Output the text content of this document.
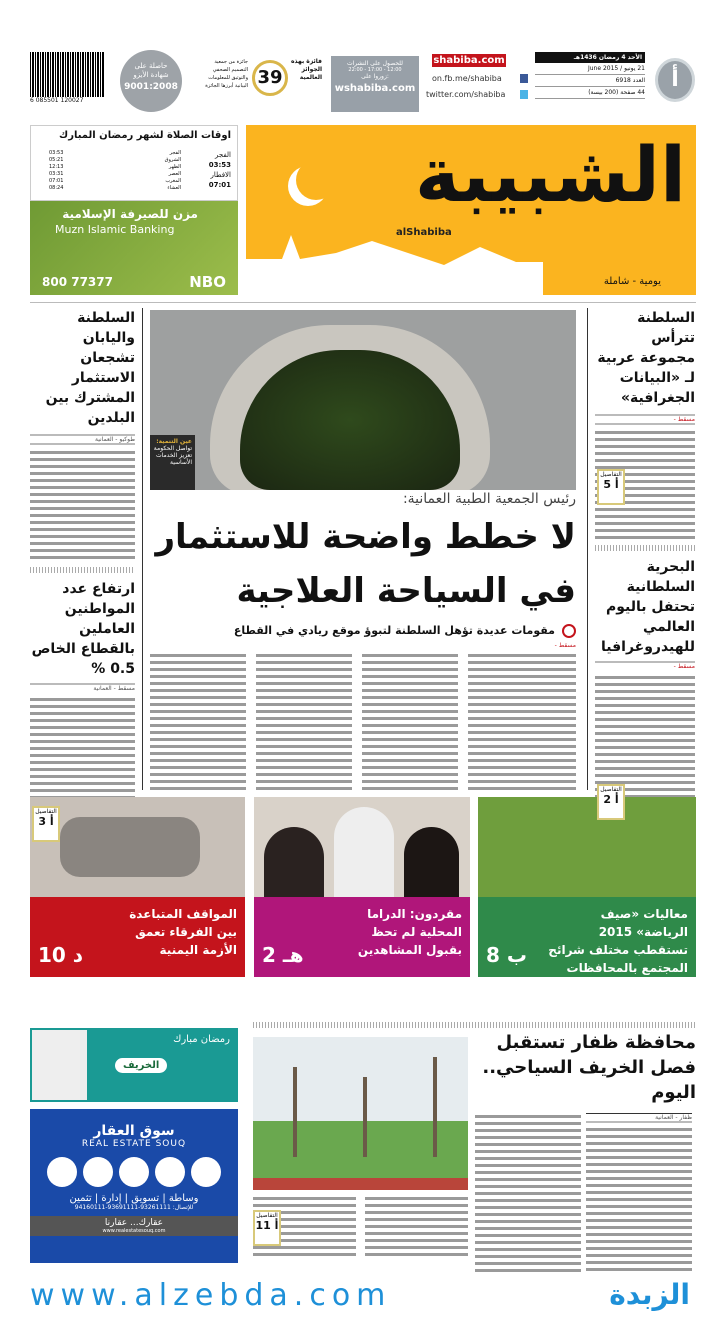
6 085501 120027
حاصلة على
شهادة الأيزو
9001:2008
جائزة من جمعية التصميم الصحفي والتوثيق للمعلومات البيانية أبرزها الجائزة 39
فائزة بهذه الجوائز العالمية
للحصول على النشرات
22:00 - 17:00 - 12:00
زوروا على:
wshabiba.com
shabiba.com
on.fb.me/shabiba
twitter.com/shabiba
الأحد 4 رمضان 1436هـ
21 يونيو / 2015 June
العدد 6918
44 صفحة (200 بيسة)
أ
اوقات الصلاة لشهر رمضان المبارك
03:53
05:21
12:13
03:31
07:01
08:24
الفجر
الشروق
الظهر
العصر
المغرب
العشاء
الفجر
03:53
الافطار
07:01
مزن للصيرفة الإسلامية
Muzn Islamic Banking
800 77377	NBO
الشبيبة
alShabiba
يومية - شاملة
السلطنة تترأس مجموعة عربية لـ «البيانات الجغرافية»
مسقط -
التفاصيل
5 أ
البحرية السلطانية تحتفل باليوم العالمي للهيدروغرافيا
مسقط -
التفاصيل
2 أ
السلطنة واليابان تشجعان الاستثمار المشترك بين البلدين
طوكيو - العمانية
ارتفاع عدد المواطنين العاملين بالقطاع الخاص 0.5 %
مسقط - العمانية
التفاصيل
3 أ
عين التنمية:
تواصل الحكومة تعزيز الخدمات الأساسية
رئيس الجمعية الطبية العمانية:
لا خطط واضحة للاستثمار
في السياحة العلاجية
مقومات عديدة تؤهل السلطنة لتبوؤ موقع ريادي في القطاع
مسقط -
المواقف المتباعدة بين الفرقاء تعمق الأزمة اليمنية
د 10
مقردون: الدراما المحلية لم تحظ بقبول المشاهدين
هـ 2
معاليات «صيف الرياضة» 2015 تستقطب مختلف شرائح المجتمع بالمحافظات
ب 8
رمضان مبارك
الخريف
سوق العقار
REAL ESTATE SOUQ
وساطة | تسويق | إدارة | تثمين
للإتصال: 93261111-93691111-94160111
عقارك... عقارنا
www.realestatesouq.com
محافظة ظفار تستقبل فصل الخريف السياحي.. اليوم
ظفار - العمانية
التفاصيل
11 أ
www.alzebda.com	الزبدة
